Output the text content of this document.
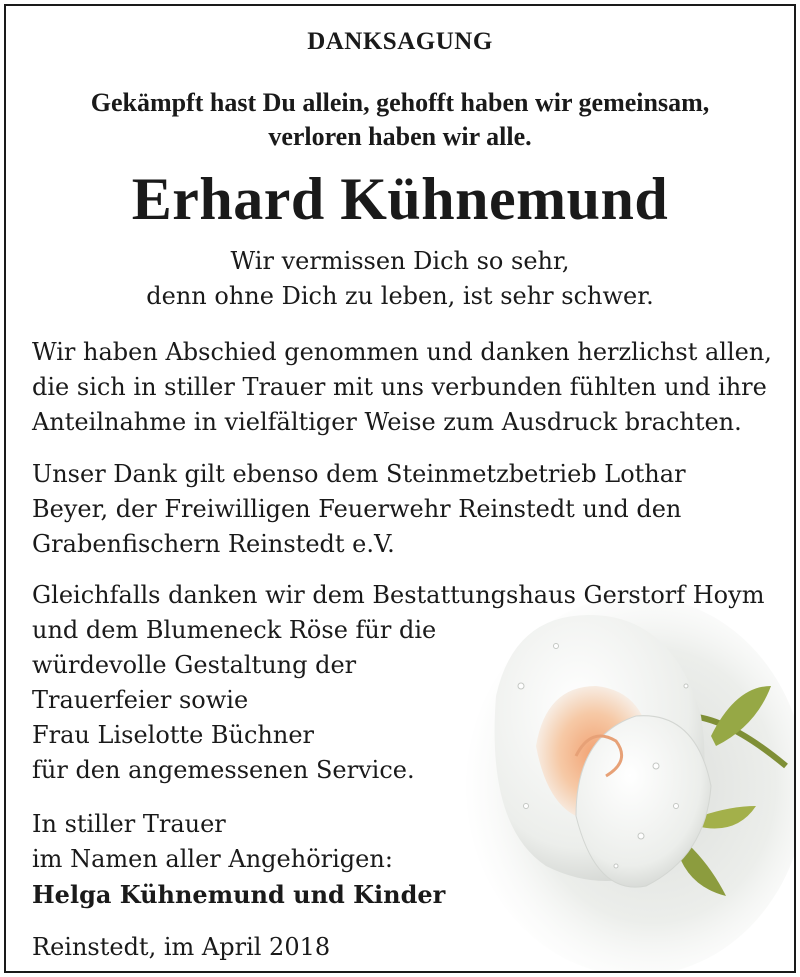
DANKSAGUNG
Gekämpft hast Du allein, gehofft haben wir gemeinsam,
verloren haben wir alle.
Erhard Kühnemund
Wir vermissen Dich so sehr,
denn ohne Dich zu leben, ist sehr schwer.
Wir haben Abschied genommen und danken herzlichst allen,
die sich in stiller Trauer mit uns verbunden fühlten und ihre
Anteilnahme in vielfältiger Weise zum Ausdruck brachten.
Unser Dank gilt ebenso dem Steinmetzbetrieb Lothar
Beyer, der Freiwilligen Feuerwehr Reinstedt und den
Grabenfischern Reinstedt e.V.
Gleichfalls danken wir dem Bestattungshaus Gerstorf Hoym
und dem Blumeneck Röse für die
würdevolle Gestaltung der
Trauerfeier sowie
Frau Liselotte Büchner
für den angemessenen Service.
In stiller Trauer
im Namen aller Angehörigen:
Helga Kühnemund und Kinder
Reinstedt, im April 2018
